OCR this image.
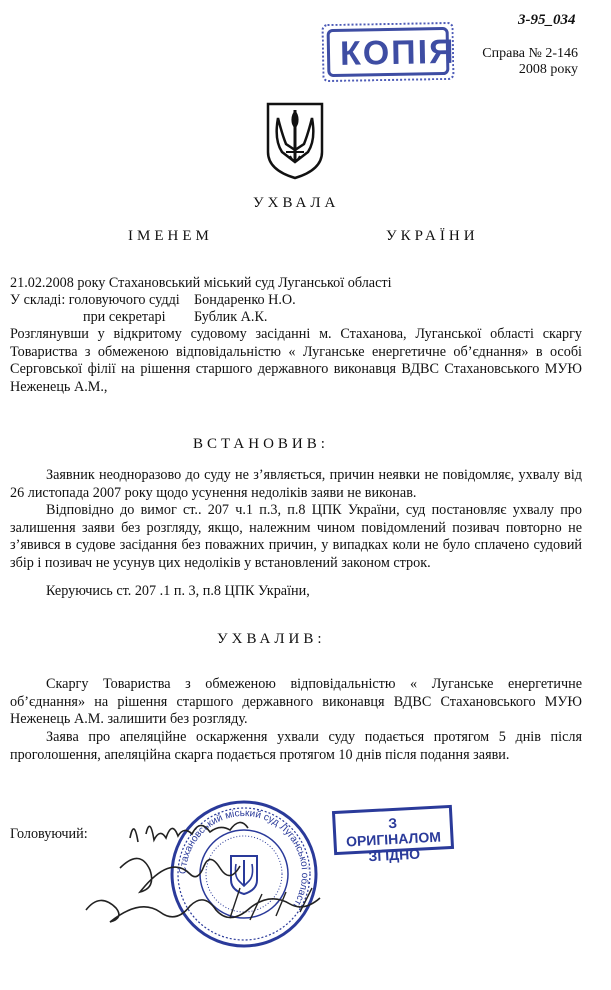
3-95_034
КОПІЯ	Справа № 2-146
2008 року
УХВАЛА
ІМЕНЕМ	УКРАЇНИ
21.02.2008 року Стахановський міський суд Луганської області
У складі: головуючого судді Бондаренко Н.О.
при секретарі Бублик А.К.
Розглянувши у відкритому судовому засіданні м. Стаханова, Луганської області скаргу Товариства з обмеженою відповідальністю « Луганське енергетичне об’єднання» в особі Серговської філії на рішення старшого державного виконавця ВДВС Стахановського МУЮ Неженець А.М.,
ВСТАНОВИВ:
Заявник неодноразово до суду не з’являється, причин неявки не повідомляє, ухвалу від 26 листопада 2007 року щодо усунення недоліків заяви не виконав.
Відповідно до вимог ст.. 207 ч.1 п.3, п.8 ЦПК України, суд постановляє ухвалу про залишення заяви без розгляду, якщо, належним чином повідомлений позивач повторно не з’явився в судове засідання без поважних причин, у випадках коли не було сплачено судовий збір і позивач не усунув цих недоліків у встановлений законом строк.
Керуючись ст. 207 .1 п. 3, п.8 ЦПК України,
УХВАЛИВ:
Скаргу Товариства з обмеженою відповідальністю « Луганське енергетичне об’єднання» на рішення старшого державного виконавця ВДВС Стахановського МУЮ Неженець А.М. залишити без розгляду.
Заява про апеляційне оскарження ухвали суду подається протягом 5 днів після проголошення, апеляційна скарга подається протягом 10 днів після подання заяви.
Головуючий:
Стахановський міський суд Луганської області
З ОРИГІНАЛОМ
ЗГІДНО
